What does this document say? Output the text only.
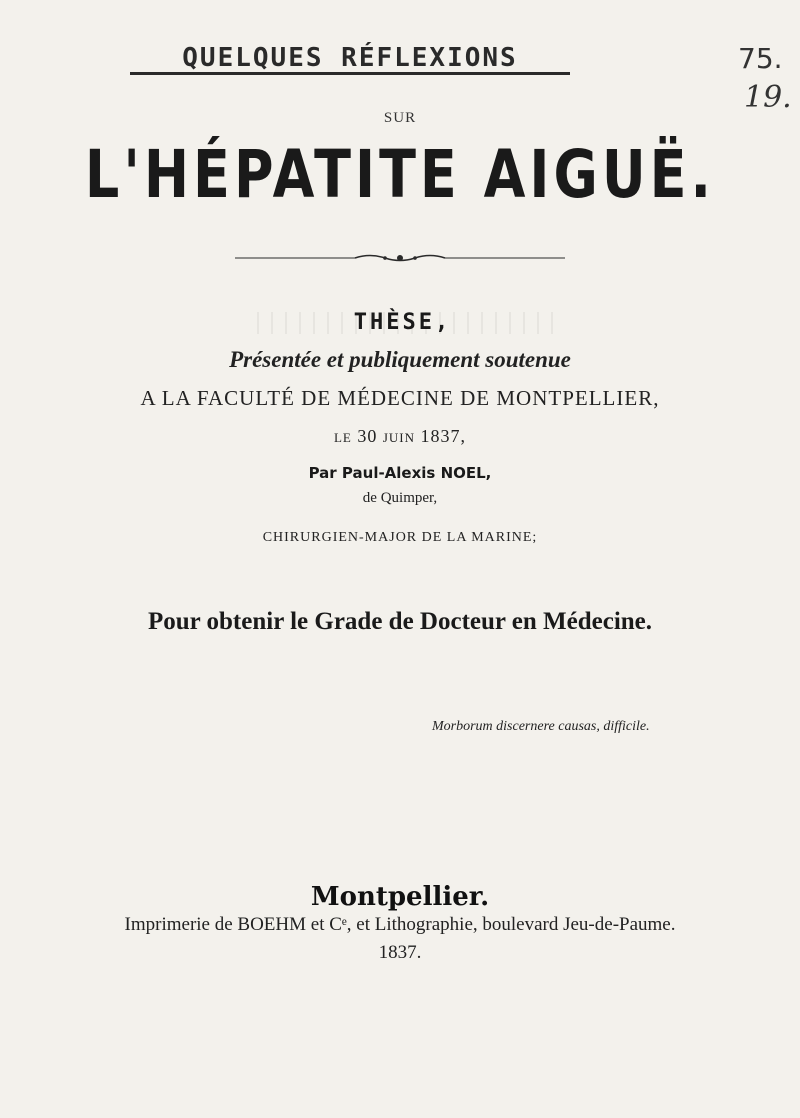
QUELQUES RÉFLEXIONS	75.
19.
SUR
L'HÉPATITE AIGUË.
THÈSE,
Présentée et publiquement soutenue
A LA FACULTÉ DE MÉDECINE DE MONTPELLIER,
LE 30 JUIN 1837,
Par Paul-Alexis NOEL,
de Quimper,
CHIRURGIEN-MAJOR DE LA MARINE;
Pour obtenir le Grade de Docteur en Médecine.
Morborum discernere causas, difficile.
Montpellier.
Imprimerie de BOEHM et Cᵉ, et Lithographie, boulevard Jeu-de-Paume.
1837.
